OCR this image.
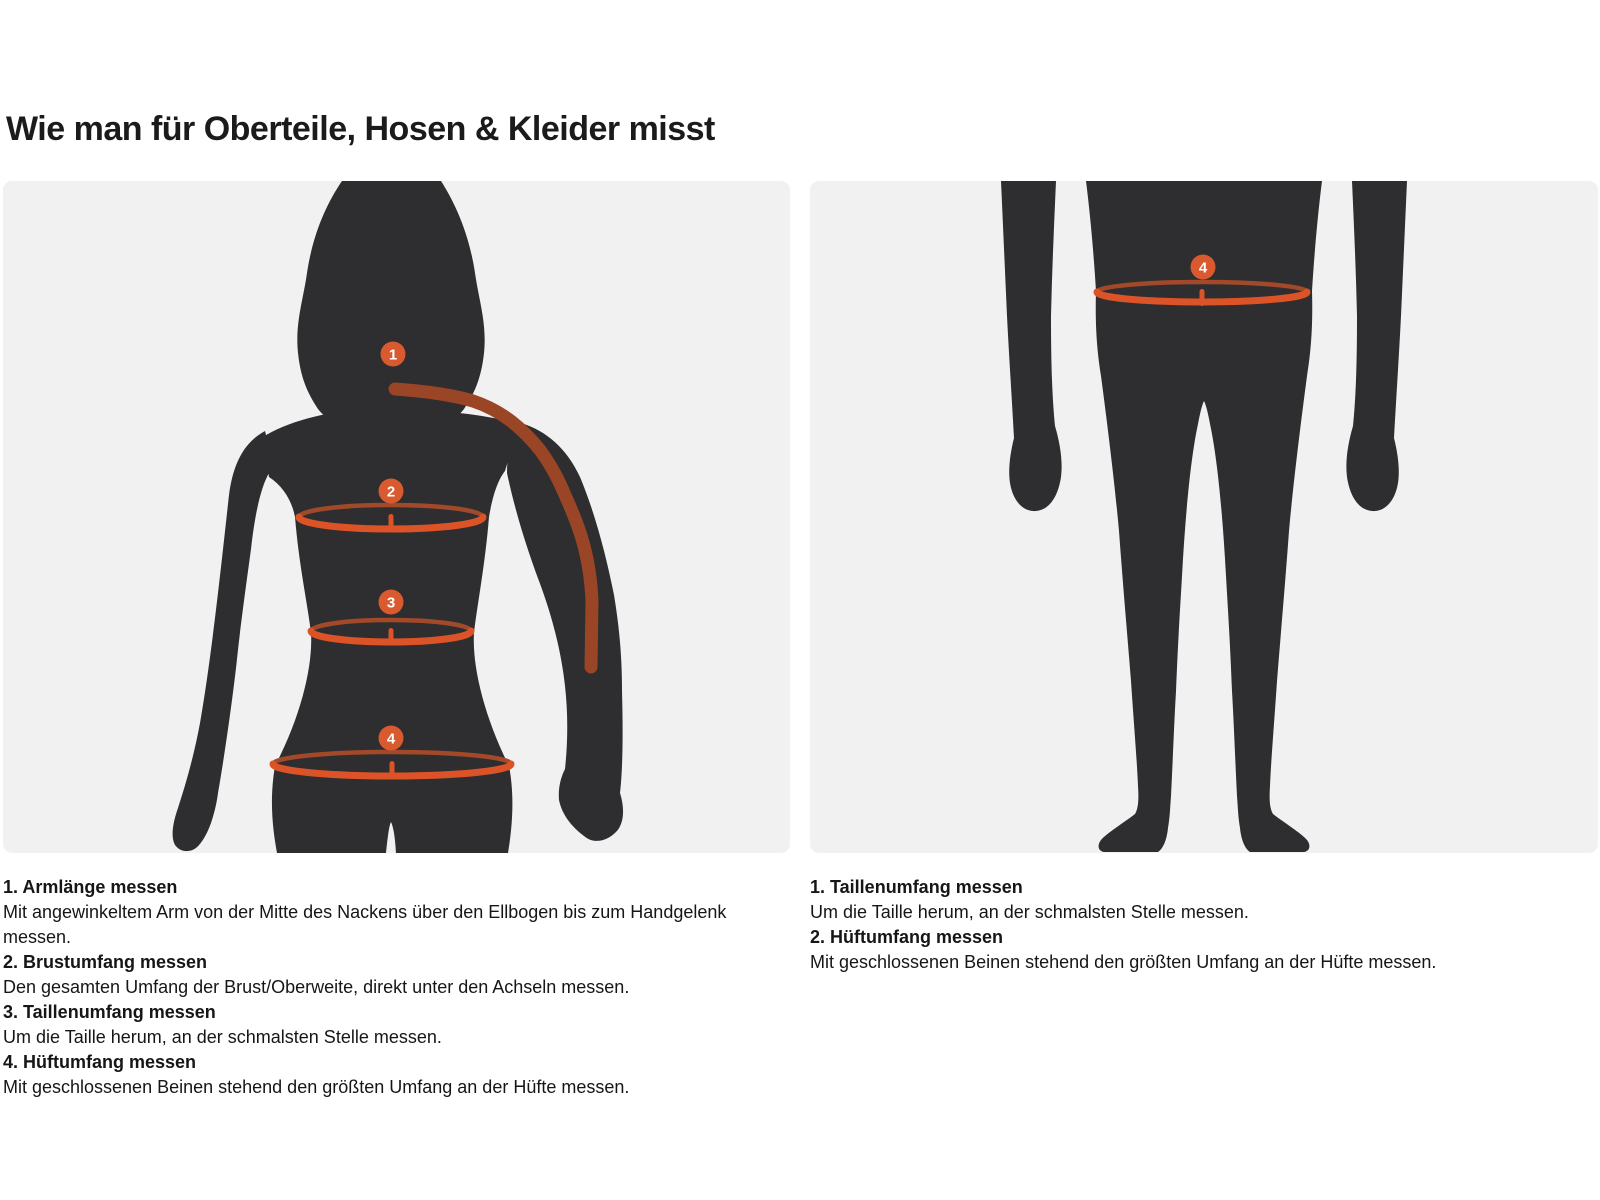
Wie man für Oberteile, Hosen & Kleider misst
1
2
3
4
4

1. Armlänge messen

Mit angewinkeltem Arm von der Mitte des Nackens über den Ellbogen bis zum Handgelenk messen.

2. Brustumfang messen

Den gesamten Umfang der Brust/Oberweite, direkt unter den Achseln messen.

3. Taillenumfang messen

Um die Taille herum, an der schmalsten Stelle messen.

4. Hüftumfang messen

Mit geschlossenen Beinen stehend den größten Umfang an der Hüfte messen.

1. Taillenumfang messen

Um die Taille herum, an der schmalsten Stelle messen.

2. Hüftumfang messen

Mit geschlossenen Beinen stehend den größten Umfang an der Hüfte messen.
